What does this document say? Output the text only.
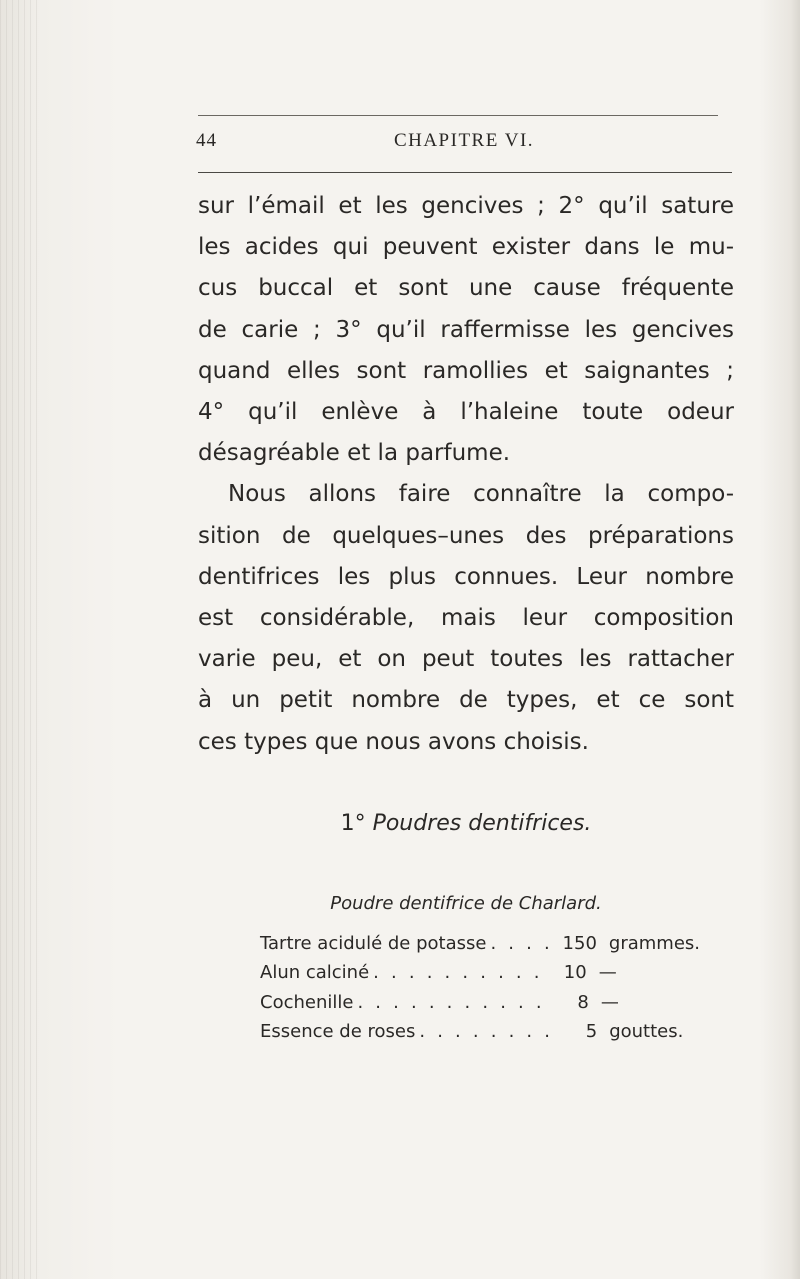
44	CHAPITRE VI.
sur l’émail et les gencives ; 2° qu’il sature
les acides qui peuvent exister dans le mu-
cus buccal et sont une cause fréquente
de carie ; 3° qu’il raffermisse les gencives
quand elles sont ramollies et saignantes ;
4° qu’il enlève à l’haleine toute odeur
désagréable et la parfume.
Nous allons faire connaître la compo-
sition de quelques–unes des préparations
dentifrices les plus connues. Leur nombre
est considérable, mais leur composition
varie peu, et on peut toutes les rattacher
à un petit nombre de types, et ce sont
ces types que nous avons choisis.
1° Poudres dentifrices.
Poudre dentifrice de Charlard.
Tartre acidulé de potasse . . . . 150 grammes.
Alun calciné . . . . . . . . . .	10 —
Cochenille . . . . . . . . . . .	8 —
Essence de roses . . . . . . . .	5 gouttes.
